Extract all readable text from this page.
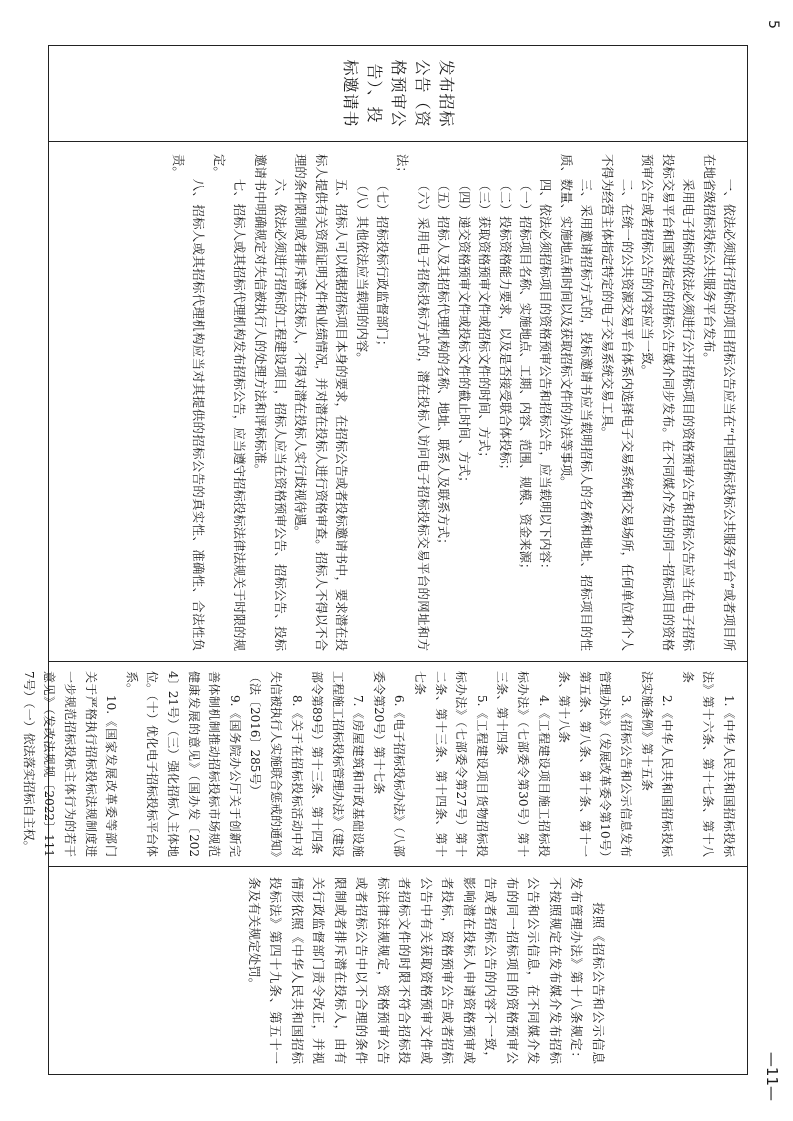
5
—11—
发布招标公告（资格预审公告）、投标邀请书

一、依法必须进行招标的项目招标公告应当在“中国招标投标公共服务平台”或者项目所在地省级招标投标公共服务平台发布。

采用电子招标的依法必须进行公开招标项目的资格预审公告和招标公告应当在电子招标投标交易平台和国家指定的招标公告媒介同步发布。在不同媒介发布的同一招标项目的资格预审公告或者招标公告的内容应当一致。

二、在统一的公共资源交易平台体系内选择电子交易系统和交易场所，任何单位和个人不得为经营主体指定特定的电子交易系统交易工具。

三、采用邀请招标方式的，投标邀请书应当载明招标人的名称和地址、招标项目的性质、数量、实施地点和时间以及获取招标文件的办法等事项。

四、依法必须招标项目的资格预审公告和招标公告，应当载明以下内容：

（一）招标项目名称、实施地点、工期、内容、范围、规模、资金来源；

（二）投标资格能力要求，以及是否接受联合体投标；

（三）获取资格预审文件或招标文件的时间、方式；

（四）递交资格预审文件或投标文件的截止时间、方式；

（五）招标人及其招标代理机构的名称、地址、联系人及联系方式；

（六）采用电子招标投标方式的，潜在投标人访问电子招标投标交易平台的网址和方法；

（七）招标投标行政监督部门；

（八）其他依法应当载明的内容。

五、招标人可以根据招标项目本身的要求，在招标公告或者投标邀请书中，要求潜在投标人提供有关资质证明文件和业绩情况，并对潜在投标人进行资格审查。招标人不得以不合理的条件限制或者排斥潜在投标人，不得对潜在投标人实行歧视待遇。

六、依法必须进行招标的工程建设项目，招标人应当在资格预审公告、招标公告、投标邀请书中明确规定对失信被执行人的处理方法和评标标准。

七、招标人或其招标代理机构发布招标公告，应当遵守招标投标法律法规关于时限的规定。

八、招标人或其招标代理机构应当对其提供的招标公告的真实性、准确性、合法性负责。

1.《中华人民共和国招标投标法》第十六条、第十七条、第十八条

2.《中华人民共和国招标投标法实施条例》第十五条

3.《招标公告和公示信息发布管理办法》（发展改革委令第10号）第五条、第八条、第十条、第十一条、第十八条

4.《工程建设项目施工招标投标办法》（七部委令第30号）第十三条、第十四条

5.《工程建设项目货物招标投标办法》（七部委令第27号）第十二条、第十三条、第十四条、第十七条

6.《电子招标投标办法》（八部委令第20号）第十七条

7.《房屋建筑和市政基础设施工程施工招标投标管理办法》（建设部令第89号）第十三条、第十四条

8.《关于在招标投标活动中对失信被执行人实施联合惩戒的通知》（法〔2016〕285号）

9.《国务院办公厅关于创新完善体制机制推动招标投标市场规范健康发展的意见》（国办发〔2024〕21号）（三）强化招标人主体地位。（十）优化电子招标投标平台体系。

10.《国家发展改革委等部门关于严格执行招标投标法规制度进一步规范招标投标主体行为的若干意见》（发改法规规〔2022〕1117号）（一）依法落实招标自主权。

按照《招标公告和公示信息发布管理办法》第十八条规定：不按照规定在发布媒介发布招标公告和公示信息，在不同媒介发布的同一招标项目的资格预审公告或者招标公告的内容不一致，影响潜在投标人申请资格预审或者投标，资格预审公告或者招标公告中有关获取资格预审文件或者招标文件的时限不符合招标投标法律法规规定，资格预审公告或者招标公告中以不合理的条件限制或者排斥潜在投标人，由有关行政监督部门责令改正，并视情形依照《中华人民共和国招标投标法》第四十九条、第五十一条及有关规定处罚。
